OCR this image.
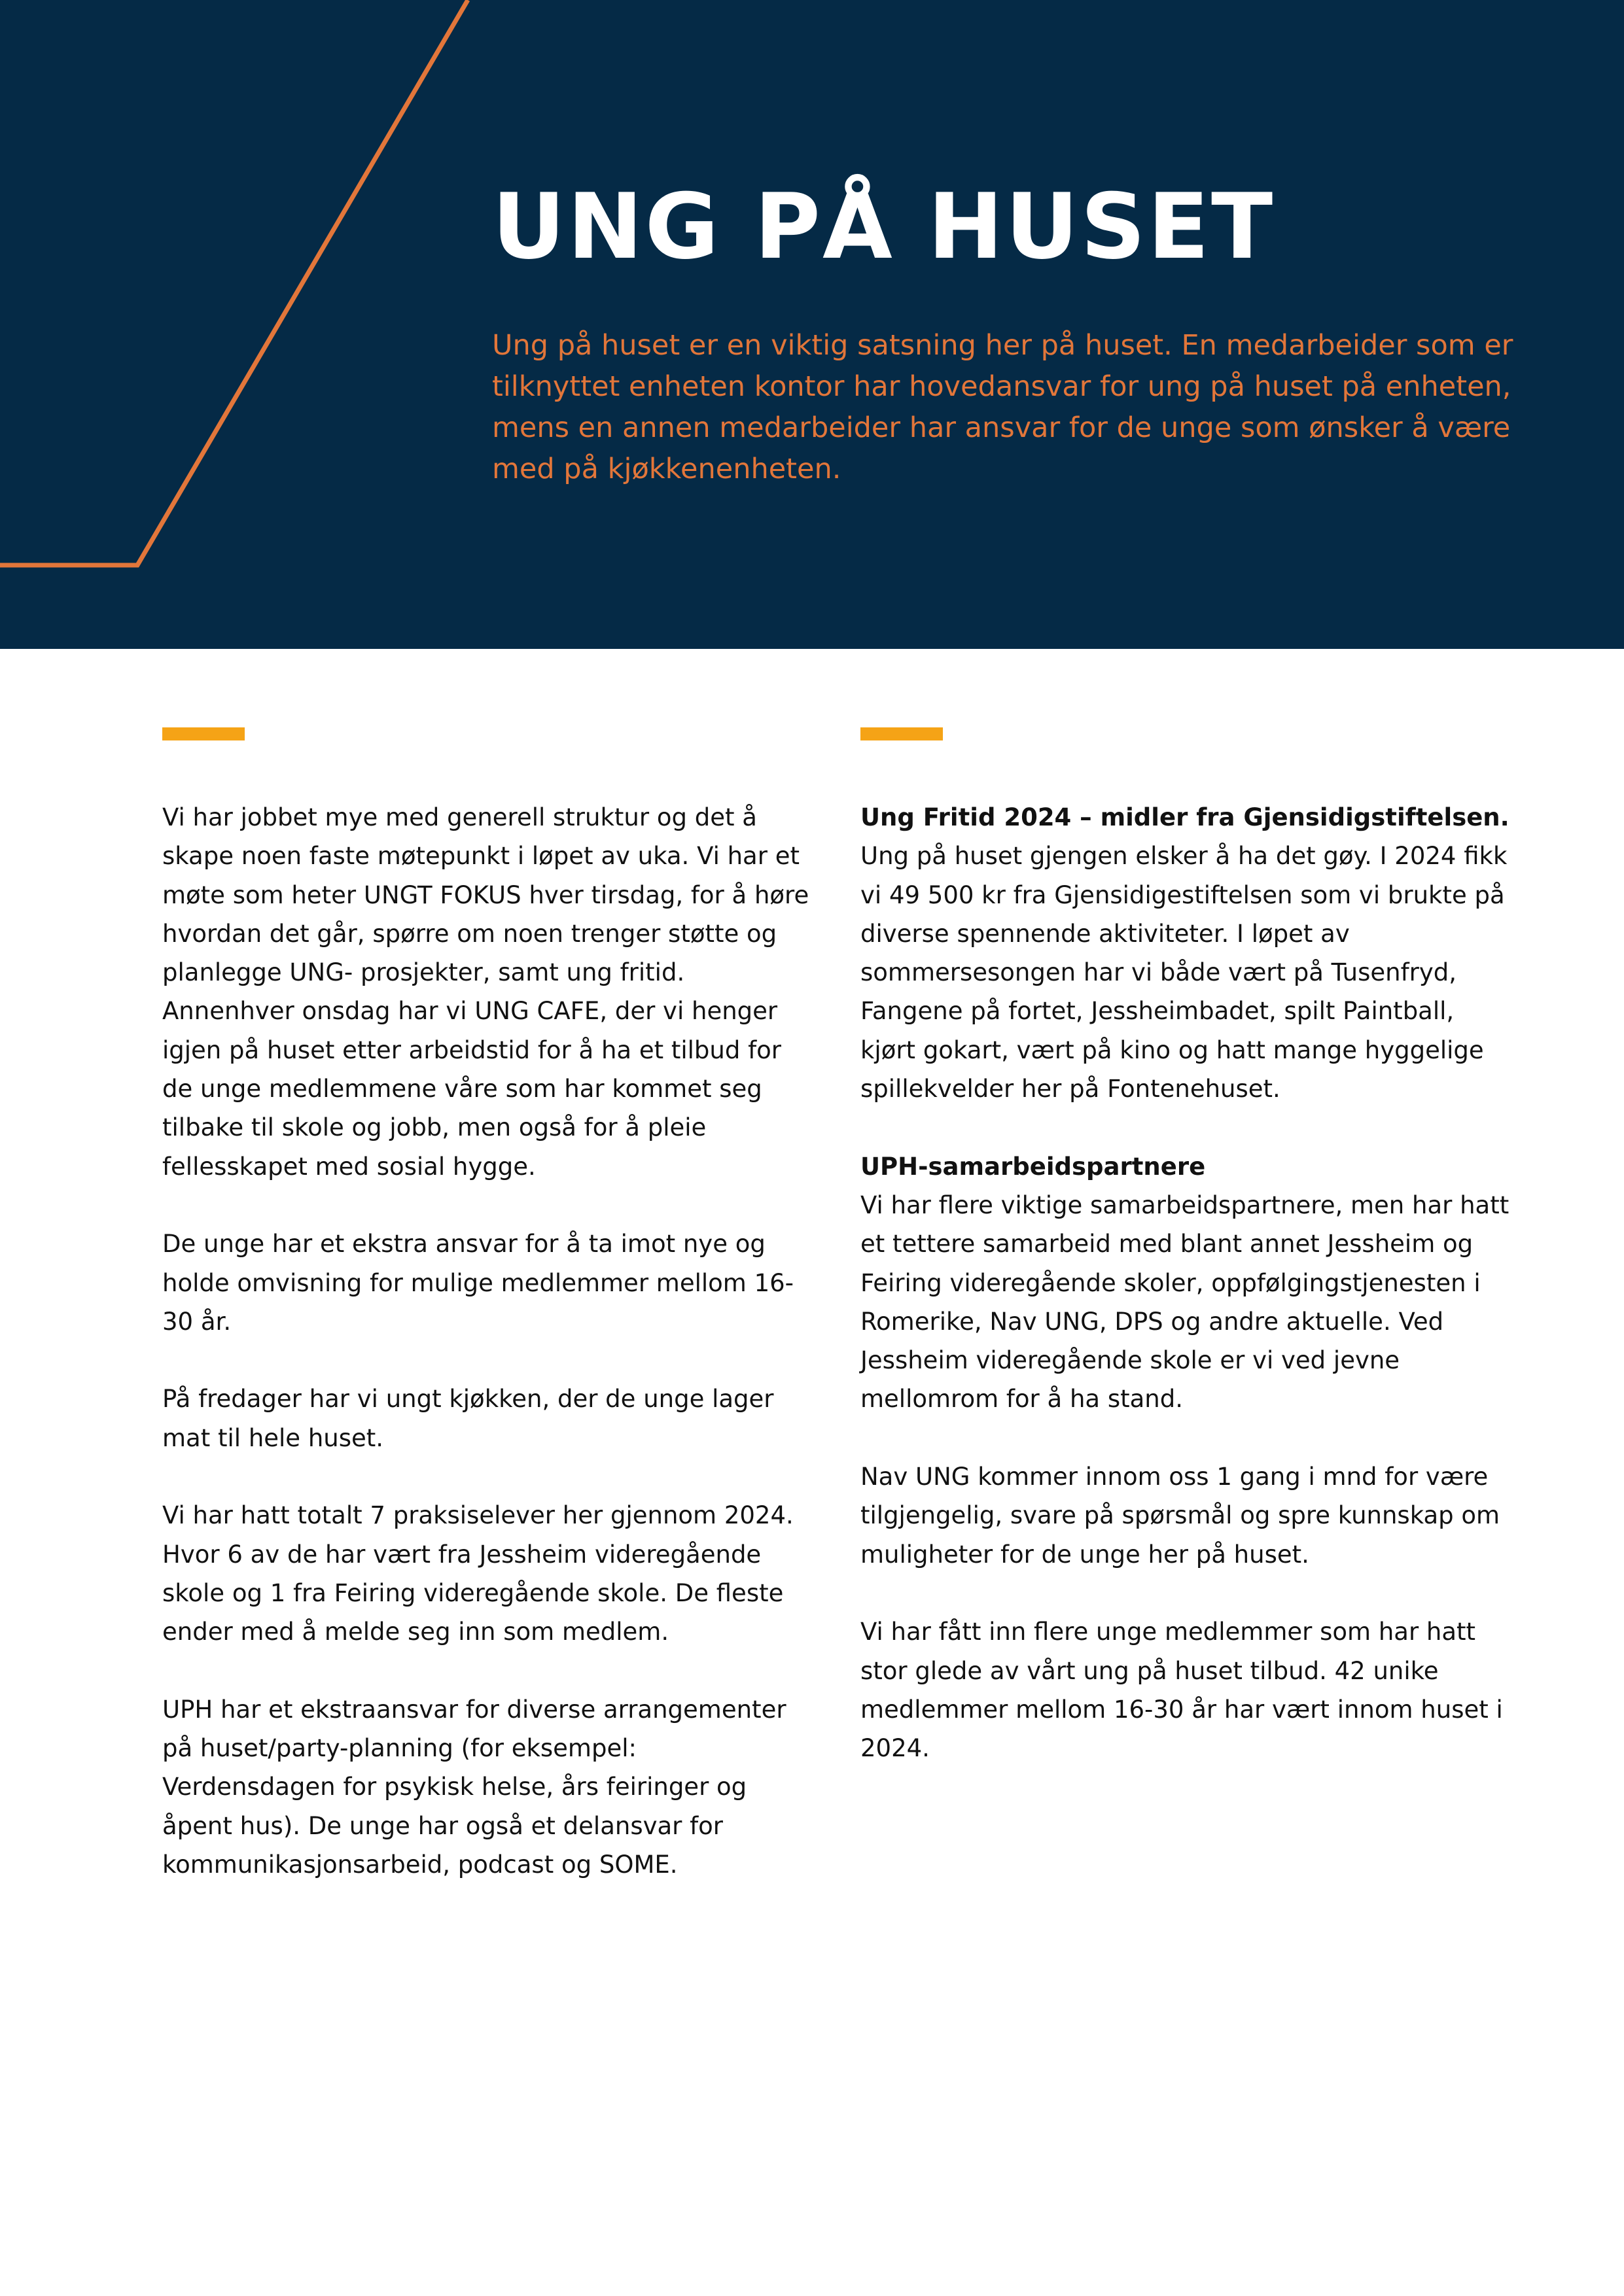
UNG PÅ HUSET

Ung på huset er en viktig satsning her på huset. En medarbeider som er tilknyttet enheten kontor har hovedansvar for ung på huset på enheten, mens en annen medarbeider har ansvar for de unge som ønsker å være med på kjøkkenenheten.

Vi har jobbet mye med generell struktur og det å skape noen faste møtepunkt i løpet av uka. Vi har et møte som heter UNGT FOKUS hver tirsdag, for å høre hvordan det går, spørre om noen trenger støtte og planlegge UNG- prosjekter, samt ung fritid. Annenhver onsdag har vi UNG CAFE, der vi henger igjen på huset etter arbeidstid for å ha et tilbud for de unge medlemmene våre som har kommet seg tilbake til skole og jobb, men også for å pleie fellesskapet med sosial hygge.

De unge har et ekstra ansvar for å ta imot nye og holde omvisning for mulige medlemmer mellom 16-30 år.

På fredager har vi ungt kjøkken, der de unge lager mat til hele huset.

Vi har hatt totalt 7 praksiselever her gjennom 2024. Hvor 6 av de har vært fra Jessheim videregående skole og 1 fra Feiring videregående skole. De fleste ender med å melde seg inn som medlem.

UPH har et ekstraansvar for diverse arrangementer på huset/party-planning (for eksempel: Verdensdagen for psykisk helse, års feiringer og åpent hus). De unge har også et delansvar for kommunikasjonsarbeid, podcast og SOME.

Ung Fritid 2024 – midler fra Gjensidigstiftelsen.
Ung på huset gjengen elsker å ha det gøy. I 2024 fikk vi 49 500 kr fra Gjensidigestiftelsen som vi brukte på diverse spennende aktiviteter. I løpet av sommersesongen har vi både vært på Tusenfryd, Fangene på fortet, Jessheimbadet, spilt Paintball, kjørt gokart, vært på kino og hatt mange hyggelige spillekvelder her på Fontenehuset.

UPH-samarbeidspartnere
Vi har flere viktige samarbeidspartnere, men har hatt et tettere samarbeid med blant annet Jessheim og Feiring videregående skoler, oppfølgingstjenesten i Romerike, Nav UNG, DPS og andre aktuelle. Ved Jessheim videregående skole er vi ved jevne mellomrom for å ha stand.

Nav UNG kommer innom oss 1 gang i mnd for være tilgjengelig, svare på spørsmål og spre kunnskap om muligheter for de unge her på huset.

Vi har fått inn flere unge medlemmer som har hatt stor glede av vårt ung på huset tilbud. 42 unike medlemmer mellom 16-30 år har vært innom huset i 2024.
